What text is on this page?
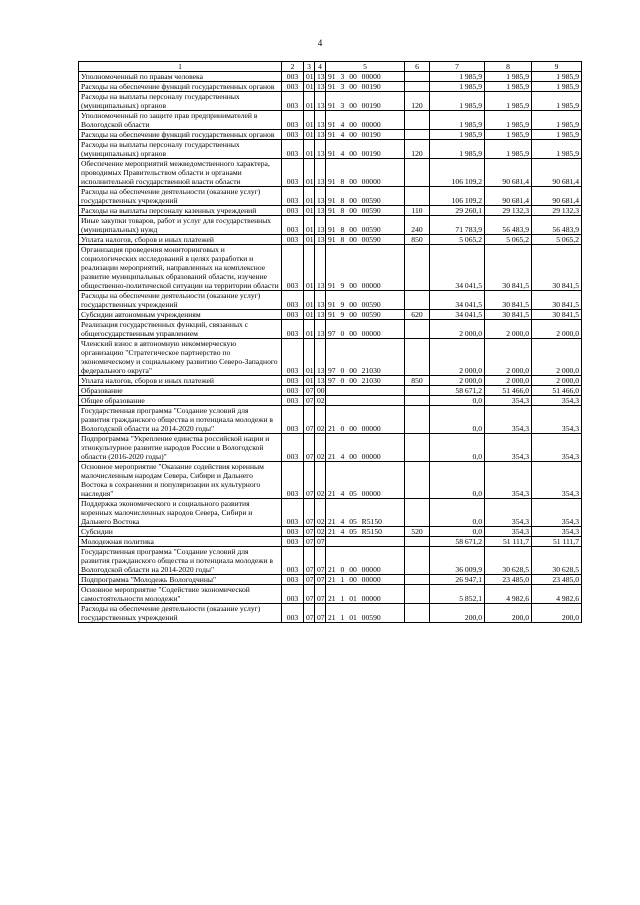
4
1	2	3	4	5	6	7	8	9
Уполномоченный по правам человека	003	01	13	91 3 00 00000		1 985,9	1 985,9	1 985,9
Расходы на обеспечение функций государственных органов	003	01	13	91 3 00 00190		1 985,9	1 985,9	1 985,9
Расходы на выплаты персоналу государственных (муниципальных) органов	003	01	13	91 3 00 00190	120	1 985,9	1 985,9	1 985,9
Уполномоченный по защите прав предпринимателей в Вологодской области	003	01	13	91 4 00 00000		1 985,9	1 985,9	1 985,9
Расходы на обеспечение функций государственных органов	003	01	13	91 4 00 00190		1 985,9	1 985,9	1 985,9
Расходы на выплаты персоналу государственных (муниципальных) органов	003	01	13	91 4 00 00190	120	1 985,9	1 985,9	1 985,9
Обеспечение мероприятий межведомственного характера, проводимых Правительством области и органами исполнительной государственной власти области	003	01	13	91 8 00 00000		106 109,2	90 681,4	90 681,4
Расходы на обеспечение деятельности (оказание услуг) государственных учреждений	003	01	13	91 8 00 00590		106 109,2	90 681,4	90 681,4
Расходы на выплаты персоналу казенных учреждений	003	01	13	91 8 00 00590	110	29 260,1	29 132,3	29 132,3
Иные закупки товаров, работ и услуг для государственных (муниципальных) нужд	003	01	13	91 8 00 00590	240	71 783,9	56 483,9	56 483,9
Уплата налогов, сборов и иных платежей	003	01	13	91 8 00 00590	850	5 065,2	5 065,2	5 065,2
Организация проведения мониторинговых и социологических исследований в целях разработки и реализации мероприятий, направленных на комплексное развитие муниципальных образований области, изучение общественно-политической ситуации на территории области	003	01	13	91 9 00 00000		34 041,5	30 841,5	30 841,5
Расходы на обеспечение деятельности (оказание услуг) государственных учреждений	003	01	13	91 9 00 00590		34 041,5	30 841,5	30 841,5
Субсидии автономным учреждениям	003	01	13	91 9 00 00590	620	34 041,5	30 841,5	30 841,5
Реализация государственных функций, связанных с общегосударственным управлением	003	01	13	97 0 00 00000		2 000,0	2 000,0	2 000,0
Членский взнос в автономную некоммерческую организацию "Стратегическое партнерство по экономическому и социальному развитию Северо-Западного федерального округа"	003	01	13	97 0 00 21030		2 000,0	2 000,0	2 000,0
Уплата налогов, сборов и иных платежей	003	01	13	97 0 00 21030	850	2 000,0	2 000,0	2 000,0
Образование	003	07	00			58 671,2	51 466,0	51 466,0
Общее образование	003	07	02			0,0	354,3	354,3
Государственная программа "Создание условий для развития гражданского общества и потенциала молодежи в Вологодской области на 2014-2020 годы"	003	07	02	21 0 00 00000		0,0	354,3	354,3
Подпрограмма "Укрепление единства российской нации и этнокультурное развитие народов России в Вологодской области (2016-2020 годы)"	003	07	02	21 4 00 00000		0,0	354,3	354,3
Основное мероприятие "Оказание содействия коренным малочисленным народам Севера, Сибири и Дальнего Востока в сохранении и популяризации их культурного наследия"	003	07	02	21 4 05 00000		0,0	354,3	354,3
Поддержка экономического и социального развития коренных малочисленных народов Севера, Сибири и Дальнего Востока	003	07	02	21 4 05 R5150		0,0	354,3	354,3
Субсидии	003	07	02	21 4 05 R5150	520	0,0	354,3	354,3
Молодежная политика	003	07	07			58 671,2	51 111,7	51 111,7
Государственная программа "Создание условий для развития гражданского общества и потенциала молодежи в Вологодской области на 2014-2020 годы"	003	07	07	21 0 00 00000		36 009,9	30 628,5	30 628,5
Подпрограмма "Молодежь Вологодчины"	003	07	07	21 1 00 00000		26 947,1	23 485,0	23 485,0
Основное мероприятие "Содействие экономической самостоятельности молодежи"	003	07	07	21 1 01 00000		5 852,1	4 982,6	4 982,6
Расходы на обеспечение деятельности (оказание услуг) государственных учреждений	003	07	07	21 1 01 00590		200,0	200,0	200,0
